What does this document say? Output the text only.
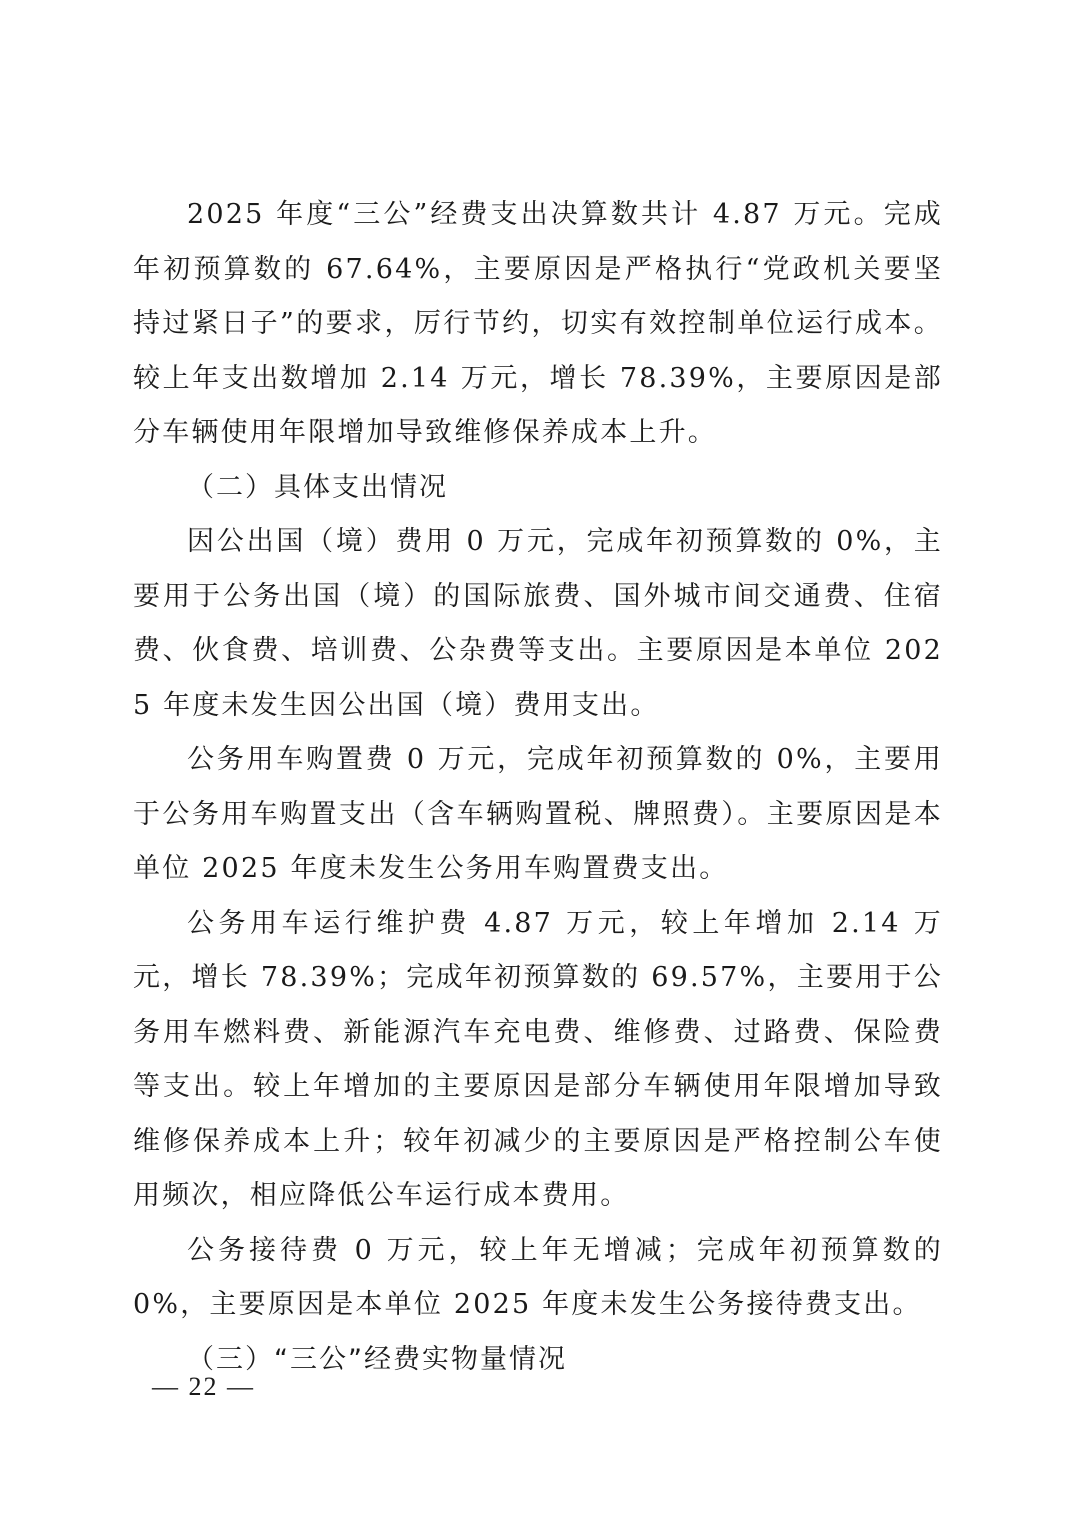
2025 年度“三公”经费支出决算数共计 4.87 万元。完成年初预算数的 67.64%，主要原因是严格执行“党政机关要坚持过紧日子”的要求，厉行节约，切实有效控制单位运行成本。较上年支出数增加 2.14 万元，增长 78.39%，主要原因是部分车辆使用年限增加导致维修保养成本上升。

（二）具体支出情况

因公出国（境）费用 0 万元，完成年初预算数的 0%，主要用于公务出国（境）的国际旅费、国外城市间交通费、住宿费、伙食费、培训费、公杂费等支出。主要原因是本单位 2025 年度未发生因公出国（境）费用支出。

公务用车购置费 0 万元，完成年初预算数的 0%，主要用于公务用车购置支出（含车辆购置税、牌照费）。主要原因是本单位 2025 年度未发生公务用车购置费支出。

公务用车运行维护费 4.87 万元，较上年增加 2.14 万元，增长 78.39%；完成年初预算数的 69.57%，主要用于公务用车燃料费、新能源汽车充电费、维修费、过路费、保险费等支出。较上年增加的主要原因是部分车辆使用年限增加导致维修保养成本上升；较年初减少的主要原因是严格控制公车使用频次，相应降低公车运行成本费用。

公务接待费 0 万元，较上年无增减；完成年初预算数的 0%，主要原因是本单位 2025 年度未发生公务接待费支出。

（三）“三公”经费实物量情况

— 22 —
